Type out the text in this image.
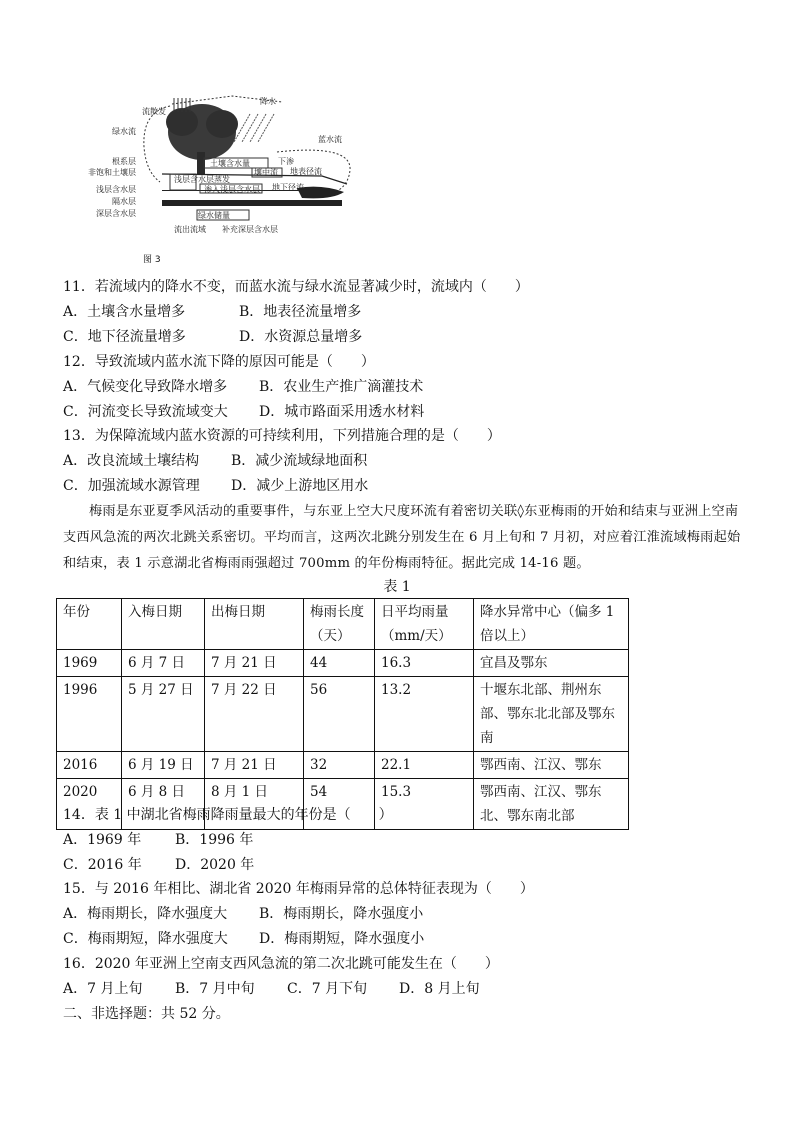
流散发
绿水流
降水
蓝水流
下渗
地表径流
根系层
非饱和土壤层
浅层含水层
隔水层
深层含水层
土壤含水量
浅层含水层蒸发
渗入浅层含水层
壤中流
地下径流
绿水储量
流出流域 补充深层含水层
图 3
11．若流域内的降水不变，而蓝水流与绿水流显著减少时，流域内（　　）
A．土壤含水量增多	B．地表径流量增多
C．地下径流量增多	D．水资源总量增多
12．导致流域内蓝水流下降的原因可能是（　　）
A．气候变化导致降水增多	B．农业生产推广滴灌技术
C．河流变长导致流域变大	D．城市路面采用透水材料
13．为保障流域内蓝水资源的可持续利用，下列措施合理的是（　　）
A．改良流域土壤结构	B．减少流域绿地面积
C．加强流域水源管理	D．减少上游地区用水
梅雨是东亚夏季风活动的重要事件，与东亚上空大尺度环流有着密切关联◊东亚梅雨的开始和结束与亚洲上空南支西风急流的两次北跳关系密切。平均而言，这两次北跳分别发生在 6 月上旬和 7 月初，对应着江淮流域梅雨起始和结束，表 1 示意湖北省梅雨雨强超过 700mm 的年份梅雨特征。据此完成 14-16 题。
表 1
年份	入梅日期	出梅日期	梅雨长度（天）	日平均雨量（mm/天）	降水异常中心（偏多 1 倍以上）
1969	6 月 7 日	7 月 21 日	44	16.3	宜昌及鄂东
1996	5 月 27 日	7 月 22 日	56	13.2	十堰东北部、荆州东部、鄂东北北部及鄂东南
2016	6 月 19 日	7 月 21 日	32	22.1	鄂西南、江汉、鄂东
2020	6 月 8 日	8 月 1 日	54	15.3	鄂西南、江汉、鄂东北、鄂东南北部
14．表 1 中湖北省梅雨降雨量最大的年份是（　　）
A．1969 年	B．1996 年
C．2016 年	D．2020 年
15．与 2016 年相比、湖北省 2020 年梅雨异常的总体特征表现为（　　）
A．梅雨期长，降水强度大	B．梅雨期长，降水强度小
C．梅雨期短，降水强度大	D．梅雨期短，降水强度小
16．2020 年亚洲上空南支西风急流的第二次北跳可能发生在（　　）
A．7 月上旬	B．7 月中旬	C．7 月下旬	D．8 月上旬
二、非选择题：共 52 分。
